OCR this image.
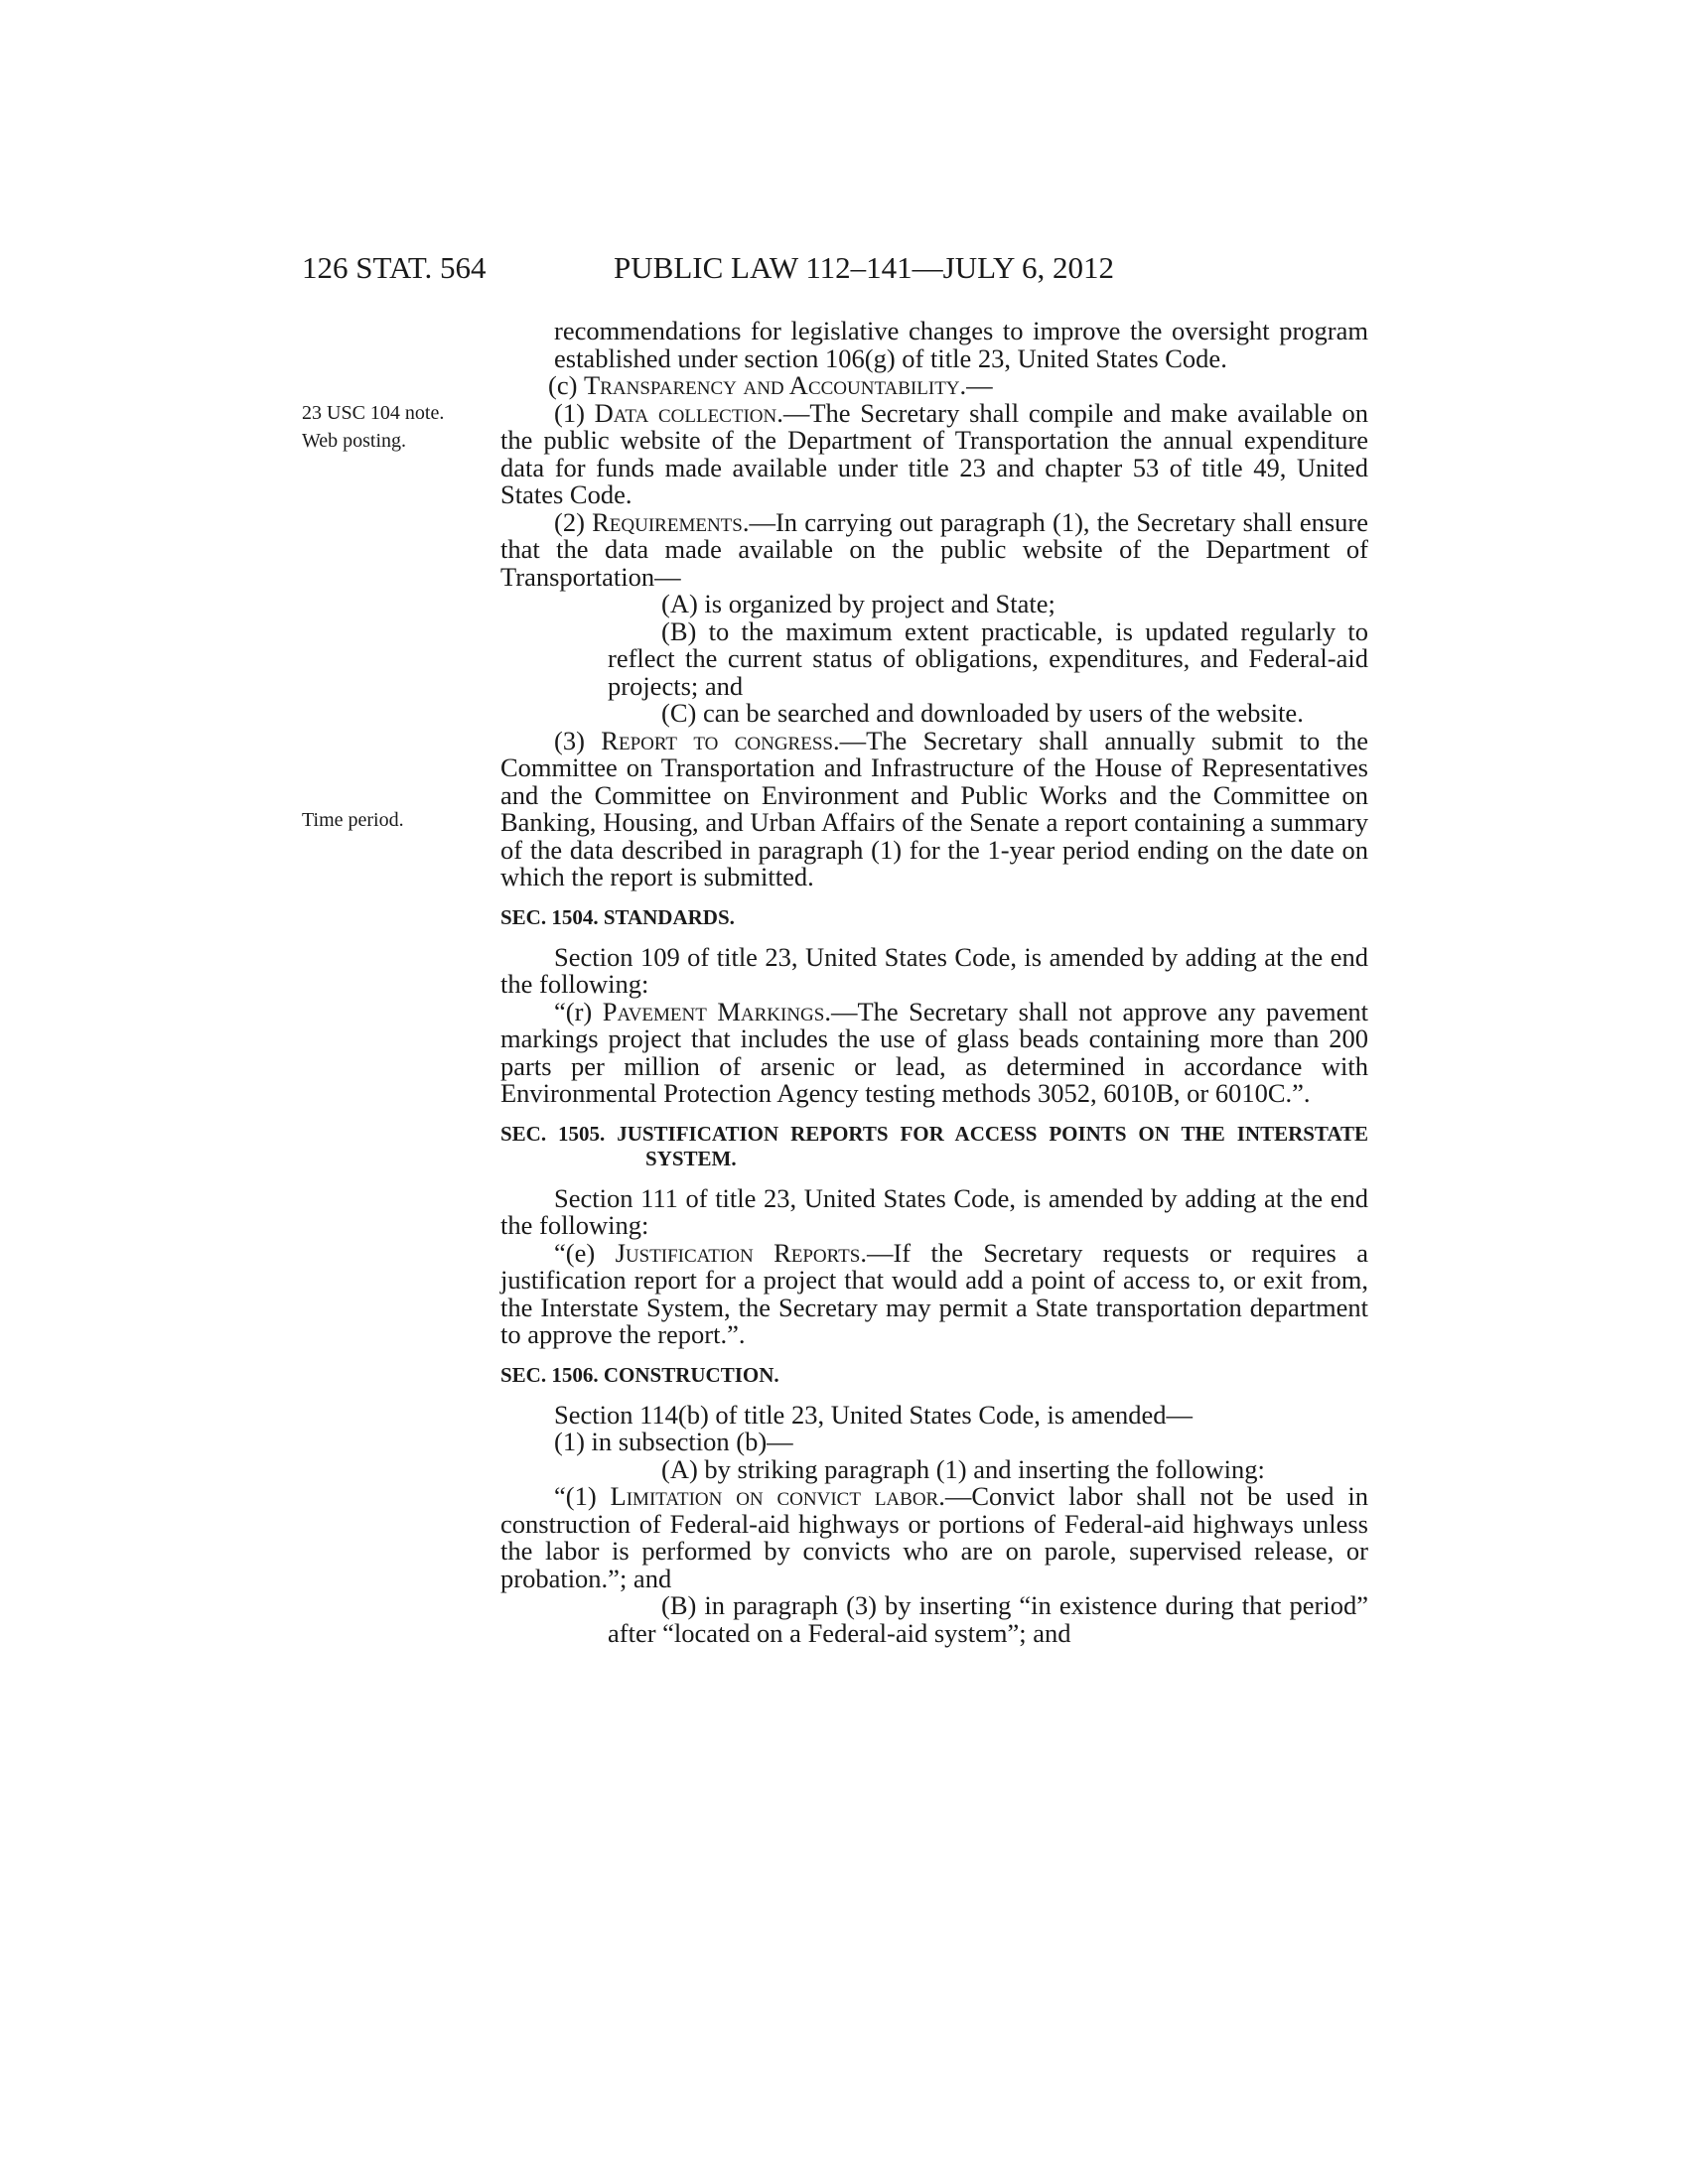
126 STAT. 564	PUBLIC LAW 112–141—JULY 6, 2012
23 USC 104 note.
Web posting.
Time period.

recommendations for legislative changes to improve the oversight program established under section 106(g) of title 23, United States Code.

(c) Transparency and Accountability.—

(1) Data collection.—The Secretary shall compile and make available on the public website of the Department of Transportation the annual expenditure data for funds made available under title 23 and chapter 53 of title 49, United States Code.

(2) Requirements.—In carrying out paragraph (1), the Secretary shall ensure that the data made available on the public website of the Department of Transportation—

(A) is organized by project and State;

(B) to the maximum extent practicable, is updated regularly to reflect the current status of obligations, expenditures, and Federal-aid projects; and

(C) can be searched and downloaded by users of the website.

(3) Report to congress.—The Secretary shall annually submit to the Committee on Transportation and Infrastructure of the House of Representatives and the Committee on Environment and Public Works and the Committee on Banking, Housing, and Urban Affairs of the Senate a report containing a summary of the data described in paragraph (1) for the 1-year period ending on the date on which the report is submitted.

SEC. 1504. STANDARDS.

Section 109 of title 23, United States Code, is amended by adding at the end the following:

“(r) Pavement Markings.—The Secretary shall not approve any pavement markings project that includes the use of glass beads containing more than 200 parts per million of arsenic or lead, as determined in accordance with Environmental Protection Agency testing methods 3052, 6010B, or 6010C.”.

SEC. 1505. JUSTIFICATION REPORTS FOR ACCESS POINTS ON THE INTERSTATE SYSTEM.

Section 111 of title 23, United States Code, is amended by adding at the end the following:

“(e) Justification Reports.—If the Secretary requests or requires a justification report for a project that would add a point of access to, or exit from, the Interstate System, the Secretary may permit a State transportation department to approve the report.”.

SEC. 1506. CONSTRUCTION.

Section 114(b) of title 23, United States Code, is amended—

(1) in subsection (b)—

(A) by striking paragraph (1) and inserting the following:

“(1) Limitation on convict labor.—Convict labor shall not be used in construction of Federal-aid highways or portions of Federal-aid highways unless the labor is performed by convicts who are on parole, supervised release, or probation.”; and

(B) in paragraph (3) by inserting “in existence during that period” after “located on a Federal-aid system”; and
